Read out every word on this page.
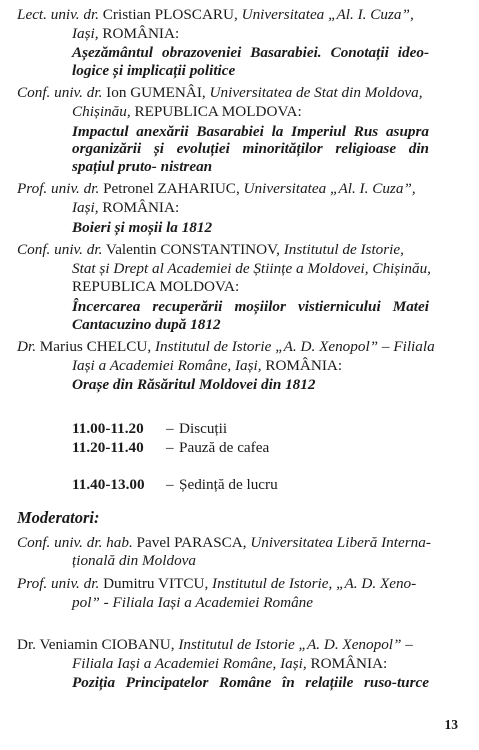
Lect. univ. dr. Cristian PLOSCARU, Universitatea „Al. I. Cuza”,
Iași, ROMÂNIA:
Așezământul obrazoveniei Basarabiei. Conotații ideo-
logice și implicații politice
Conf. univ. dr. Ion GUMENÂI, Universitatea de Stat din Moldova,
Chișinău, REPUBLICA MOLDOVA:
Impactul anexării Basarabiei la Imperiul Rus asupra
organizării și evoluției minorităților religioase din
spațiul pruto- nistrean
Prof. univ. dr. Petronel ZAHARIUC, Universitatea „Al. I. Cuza”,
Iași, ROMÂNIA:
Boieri și moșii la 1812
Conf. univ. dr. Valentin CONSTANTINOV, Institutul de Istorie,
Stat și Drept al Academiei de Științe a Moldovei, Chișinău,
REPUBLICA MOLDOVA:
Încercarea recuperării moșiilor vistiernicului Matei
Cantacuzino după 1812
Dr. Marius CHELCU, Institutul de Istorie „A. D. Xenopol” – Filiala
Iași a Academiei Române, Iași, ROMÂNIA:
Orașe din Răsăritul Moldovei din 1812
11.00-11.20 – Discuții
11.20-11.40 – Pauză de cafea
11.40-13.00 – Ședință de lucru
Moderatori:
Conf. univ. dr. hab. Pavel PARASCA, Universitatea Liberă Interna-
țională din Moldova
Prof. univ. dr. Dumitru VITCU, Institutul de Istorie, „A. D. Xeno-
pol” - Filiala Iași a Academiei Române
Dr. Veniamin CIOBANU, Institutul de Istorie „A. D. Xenopol” –
Filiala Iași a Academiei Române, Iași, ROMÂNIA:
Poziția Principatelor Române în relațiile ruso-turce
13
